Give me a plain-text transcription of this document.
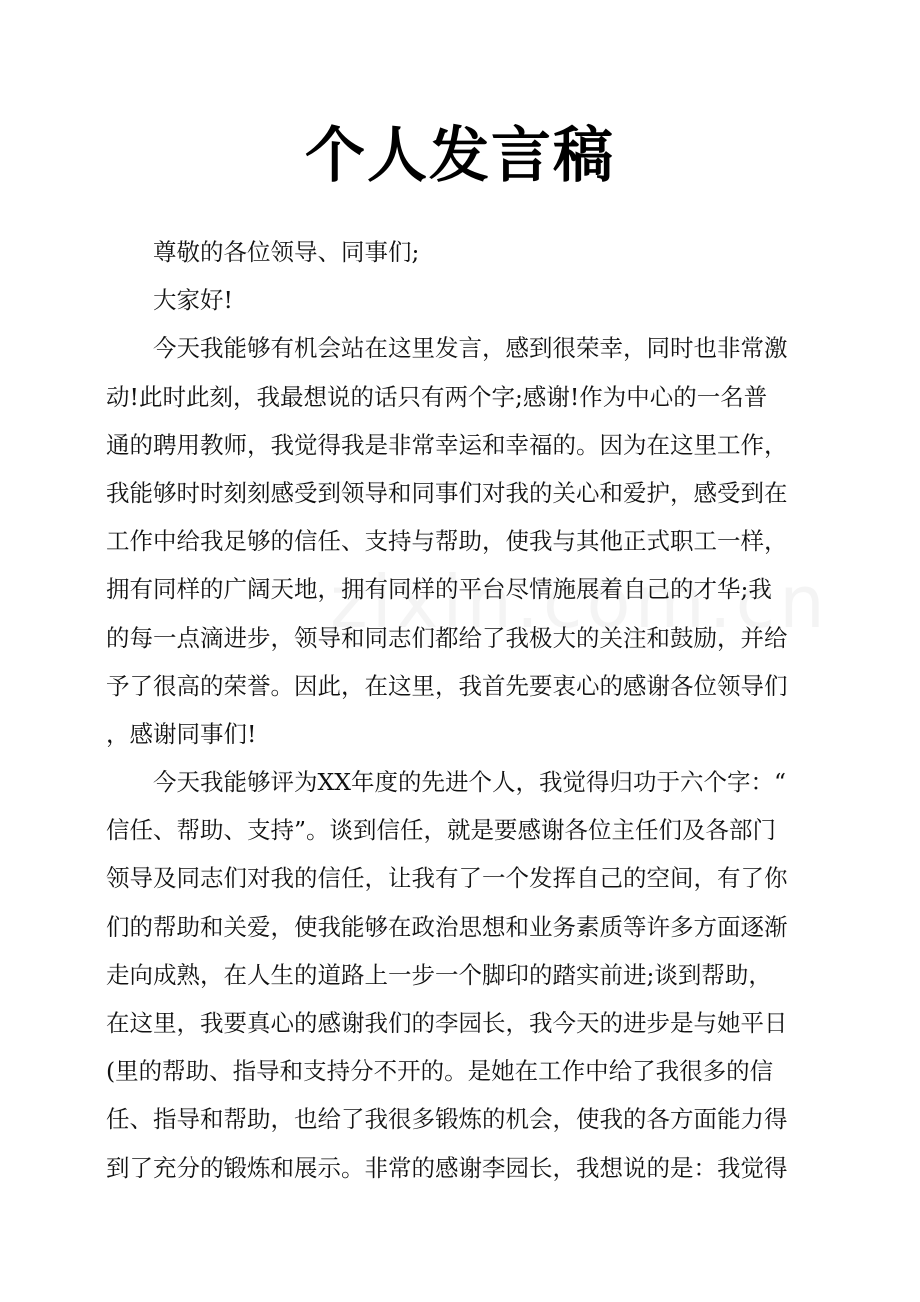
个人发言稿
尊敬的各位领导、同事们;
大家好!
今天我能够有机会站在这里发言，感到很荣幸，同时也非常激
动!此时此刻，我最想说的话只有两个字;感谢!作为中心的一名普
通的聘用教师，我觉得我是非常幸运和幸福的。因为在这里工作，
我能够时时刻刻感受到领导和同事们对我的关心和爱护，感受到在
工作中给我足够的信任、支持与帮助，使我与其他正式职工一样，
拥有同样的广阔天地，拥有同样的平台尽情施展着自己的才华;我
的每一点滴进步，领导和同志们都给了我极大的关注和鼓励，并给
予了很高的荣誉。因此，在这里，我首先要衷心的感谢各位领导们
，感谢同事们!
今天我能够评为XX年度的先进个人，我觉得归功于六个字：“
信任、帮助、支持”。谈到信任，就是要感谢各位主任们及各部门
领导及同志们对我的信任，让我有了一个发挥自己的空间，有了你
们的帮助和关爱，使我能够在政治思想和业务素质等许多方面逐渐
走向成熟，在人生的道路上一步一个脚印的踏实前进;谈到帮助，
在这里，我要真心的感谢我们的李园长，我今天的进步是与她平日
(里的帮助、指导和支持分不开的。是她在工作中给了我很多的信
任、指导和帮助，也给了我很多锻炼的机会，使我的各方面能力得
到了充分的锻炼和展示。非常的感谢李园长，我想说的是：我觉得
